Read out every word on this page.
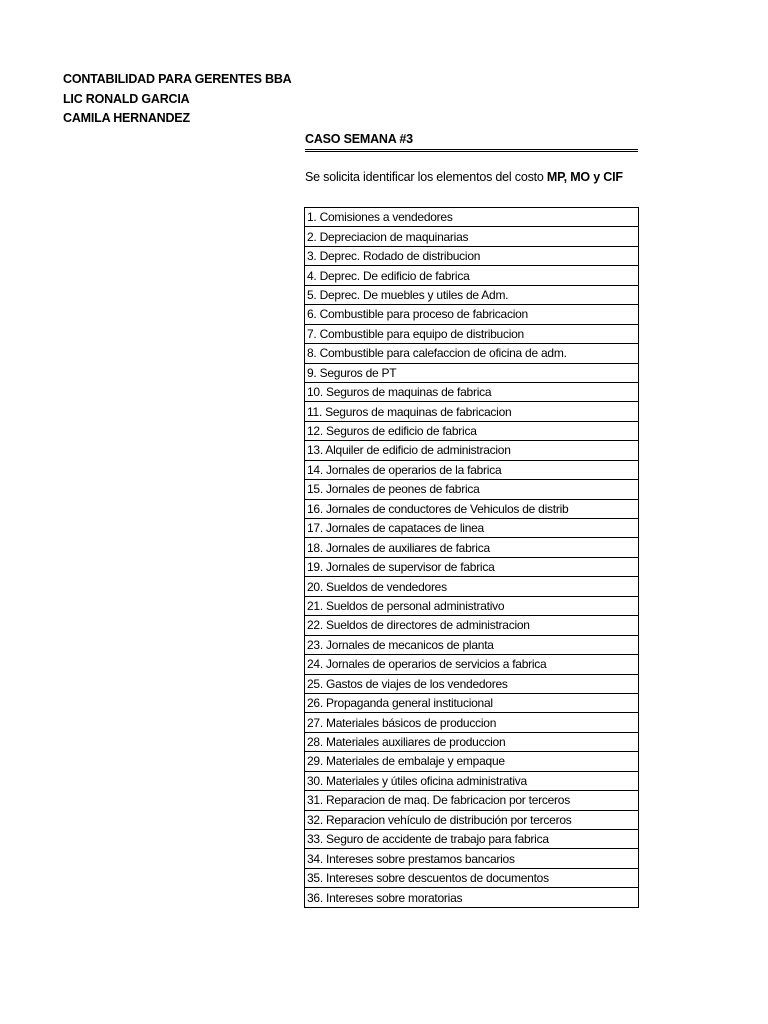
CONTABILIDAD PARA GERENTES BBA
LIC RONALD GARCIA
CAMILA HERNANDEZ
CASO SEMANA #3
Se solicita identificar los elementos del costo MP, MO y CIF
1. Comisiones a vendedores
2. Depreciacion de maquinarias
3. Deprec. Rodado de distribucion
4. Deprec. De edificio de fabrica
5. Deprec. De muebles y utiles de Adm.
6. Combustible para proceso de fabricacion
7. Combustible para equipo de distribucion
8. Combustible para calefaccion de oficina de adm.
9. Seguros de PT
10. Seguros de maquinas de fabrica
11. Seguros de maquinas de fabricacion
12. Seguros de edificio de fabrica
13. Alquiler de edificio de administracion
14. Jornales de operarios de la fabrica
15. Jornales de peones de fabrica
16. Jornales de conductores de Vehiculos de distrib
17. Jornales de capataces de linea
18. Jornales de auxiliares de fabrica
19. Jornales de supervisor de fabrica
20. Sueldos de vendedores
21. Sueldos de personal administrativo
22. Sueldos de directores de administracion
23. Jornales de mecanicos de planta
24. Jornales de operarios de servicios a fabrica
25. Gastos de viajes de los vendedores
26. Propaganda general institucional
27. Materiales básicos de produccion
28. Materiales auxiliares de produccion
29. Materiales de embalaje y empaque
30. Materiales y útiles oficina administrativa
31. Reparacion de maq. De fabricacion por terceros
32. Reparacion vehículo de distribución por terceros
33. Seguro de accidente de trabajo para fabrica
34. Intereses sobre prestamos bancarios
35. Intereses sobre descuentos de documentos
36. Intereses sobre moratorias
